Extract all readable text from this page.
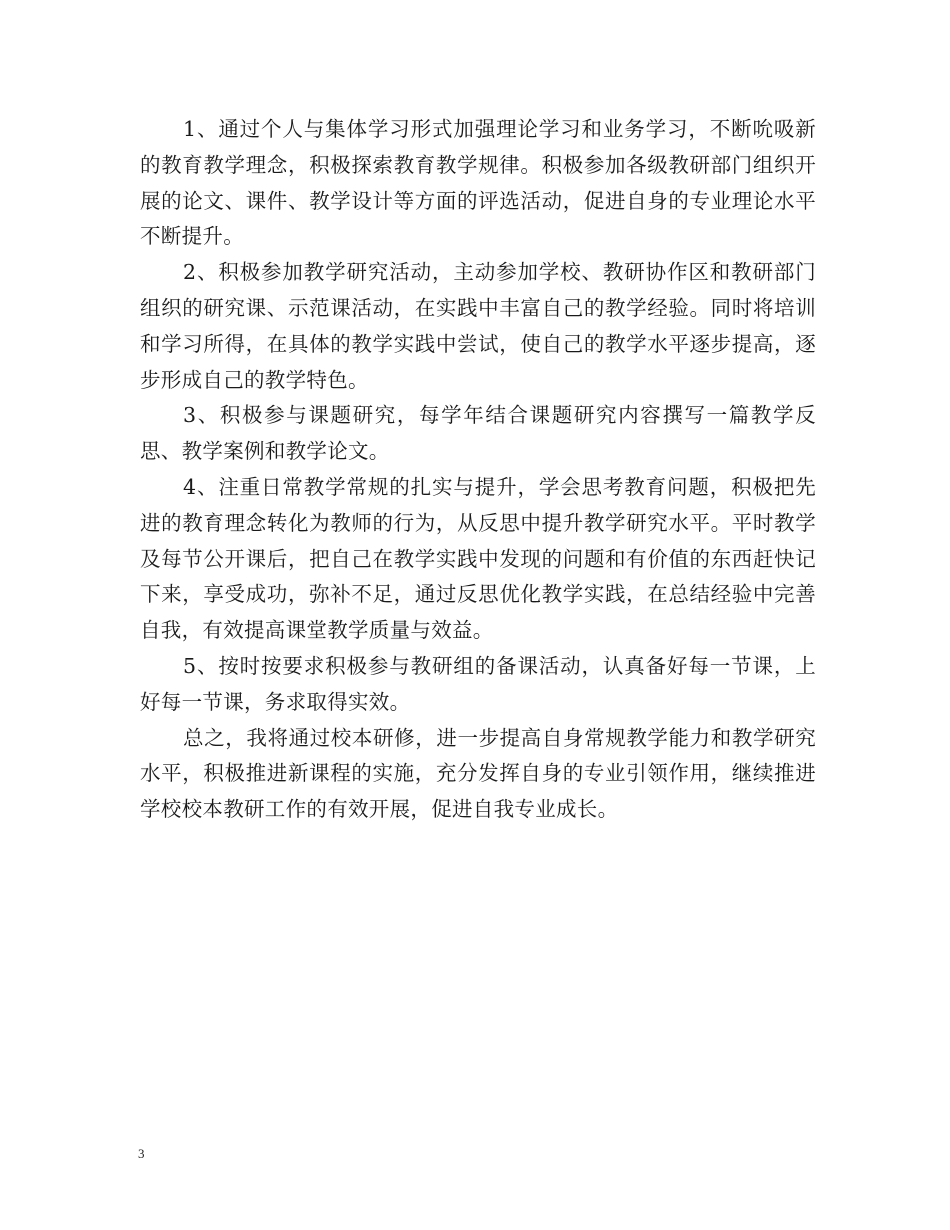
1、通过个人与集体学习形式加强理论学习和业务学习，不断吮吸新的教育教学理念，积极探索教育教学规律。积极参加各级教研部门组织开展的论文、课件、教学设计等方面的评选活动，促进自身的专业理论水平不断提升。

2、积极参加教学研究活动，主动参加学校、教研协作区和教研部门组织的研究课、示范课活动，在实践中丰富自己的教学经验。同时将培训和学习所得，在具体的教学实践中尝试，使自己的教学水平逐步提高，逐步形成自己的教学特色。

3、积极参与课题研究，每学年结合课题研究内容撰写一篇教学反思、教学案例和教学论文。

4、注重日常教学常规的扎实与提升，学会思考教育问题，积极把先进的教育理念转化为教师的行为，从反思中提升教学研究水平。平时教学及每节公开课后，把自己在教学实践中发现的问题和有价值的东西赶快记下来，享受成功，弥补不足，通过反思优化教学实践，在总结经验中完善自我，有效提高课堂教学质量与效益。

5、按时按要求积极参与教研组的备课活动，认真备好每一节课，上好每一节课，务求取得实效。

总之，我将通过校本研修，进一步提高自身常规教学能力和教学研究水平，积极推进新课程的实施，充分发挥自身的专业引领作用，继续推进学校校本教研工作的有效开展，促进自我专业成长。

3
